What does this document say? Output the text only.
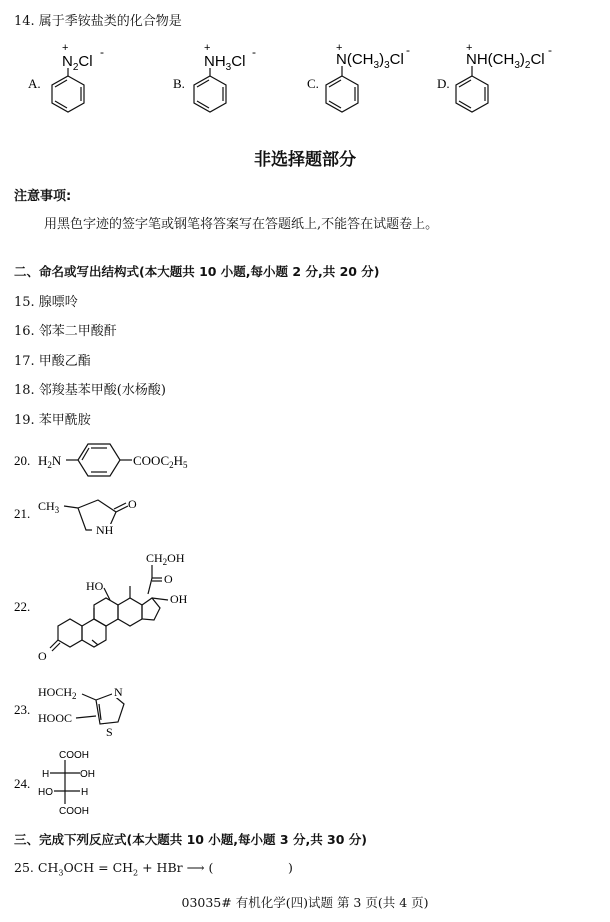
14. 属于季铵盐类的化合物是
A.
+
$N_2Cl$
-
B.
+
$NH_3Cl$
-
C.
+
$N(CH_3)_3Cl$
-
D.
+
$NH(CH_3)_2Cl$
-
非选择题部分
注意事项:
用黑色字迹的签字笔或钢笔将答案写在答题纸上,不能答在试题卷上。
二、命名或写出结构式(本大题共 10 小题,每小题 2 分,共 20 分)
15. 腺嘌呤
16. 邻苯二甲酸酐
17. 甲酸乙酯
18. 邻羧基苯甲酸(水杨酸)
19. 苯甲酰胺
20. $H_2N$	$COOC_2H_5$
21. $CH_3$	O
NH
22.
$CH_2OH$
O
OH
HO
O
23.
$HOCH_2$
HOOC
N
S
24.
COOH
H	OH
HO	H
COOH
三、完成下列反应式(本大题共 10 小题,每小题 3 分,共 30 分)
25. $CH_3OCH = CH_2$ + HBr ⟶ (	)
03035# 有机化学(四)试题 第 3 页(共 4 页)
